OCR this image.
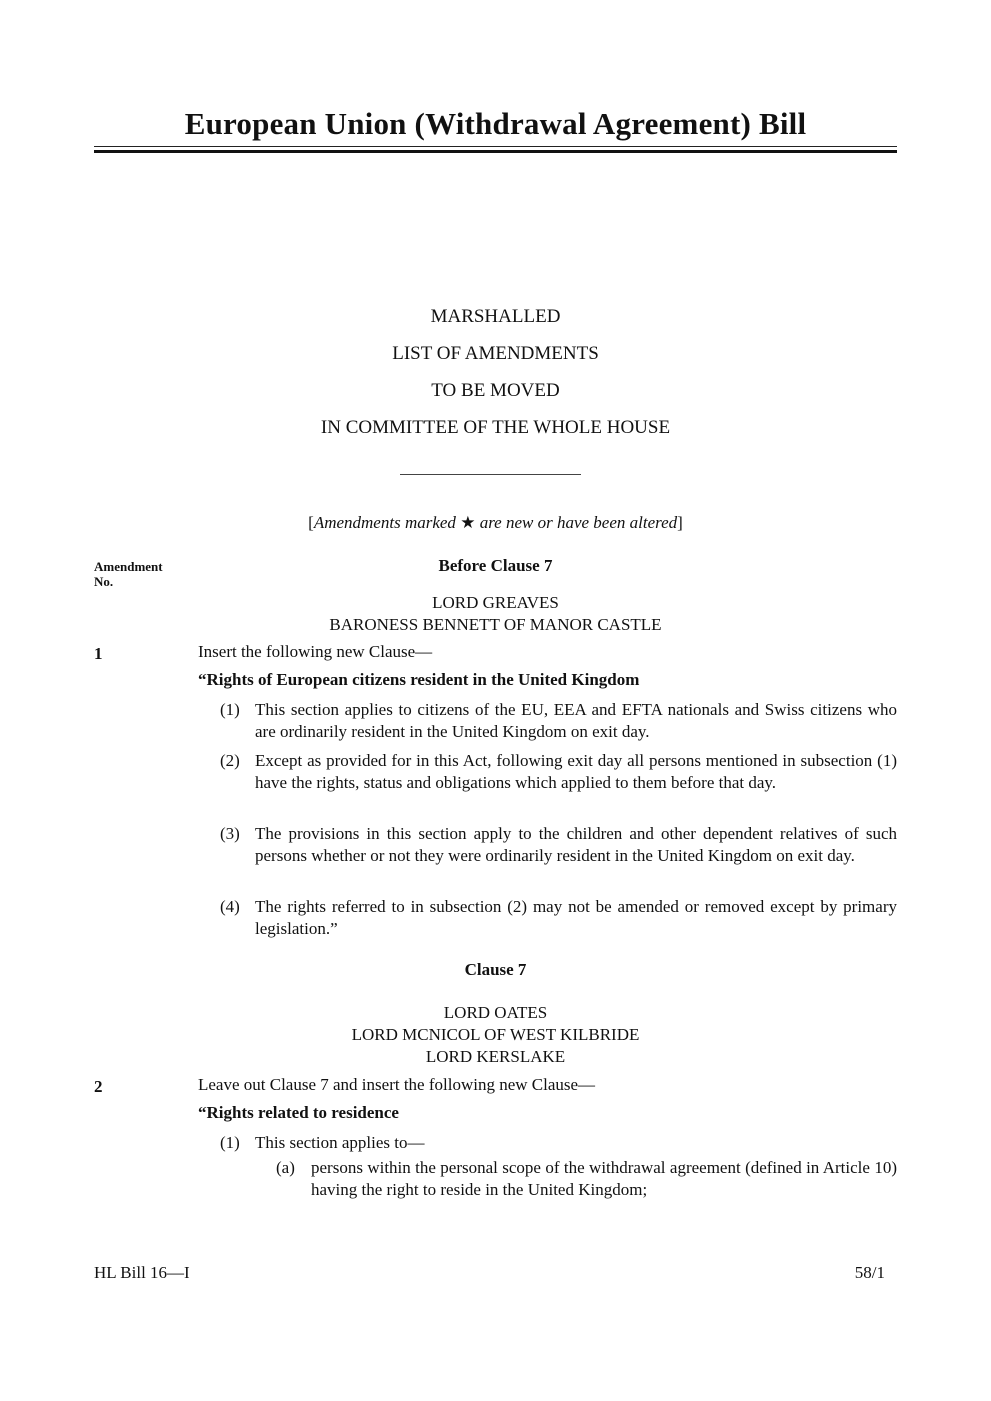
European Union (Withdrawal Agreement) Bill
MARSHALLED
LIST OF AMENDMENTS
TO BE MOVED
IN COMMITTEE OF THE WHOLE HOUSE
[Amendments marked ★ are new or have been altered]
Amendment No.
Before Clause 7
LORD GREAVES
BARONESS BENNETT OF MANOR CASTLE
1	Insert the following new Clause—
“Rights of European citizens resident in the United Kingdom
(1) This section applies to citizens of the EU, EEA and EFTA nationals and Swiss citizens who are ordinarily resident in the United Kingdom on exit day.
(2) Except as provided for in this Act, following exit day all persons mentioned in subsection (1) have the rights, status and obligations which applied to them before that day.
(3) The provisions in this section apply to the children and other dependent relatives of such persons whether or not they were ordinarily resident in the United Kingdom on exit day.
(4) The rights referred to in subsection (2) may not be amended or removed except by primary legislation.”
Clause 7
LORD OATES
LORD MCNICOL OF WEST KILBRIDE
LORD KERSLAKE
2	Leave out Clause 7 and insert the following new Clause—
“Rights related to residence
(1) This section applies to—
(a) persons within the personal scope of the withdrawal agreement (defined in Article 10) having the right to reside in the United Kingdom;
HL Bill 16—I	58/1
